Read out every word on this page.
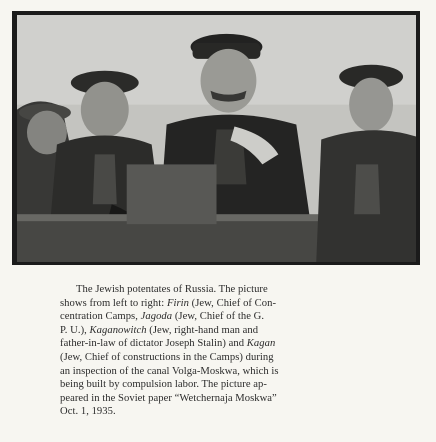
The Jewish potentates of Russia. The picture

shows from left to right: Firin (Jew, Chief of Con-

centration Camps, Jagoda (Jew, Chief of the G.

P. U.), Kaganowitch (Jew, right-hand man and

father-in-law of dictator Joseph Stalin) and Kagan

(Jew, Chief of constructions in the Camps) during

an inspection of the canal Volga-Moskwa, which is

being built by compulsion labor. The picture ap-

peared in the Soviet paper “Wetchernaja Moskwa”

Oct. 1, 1935.
